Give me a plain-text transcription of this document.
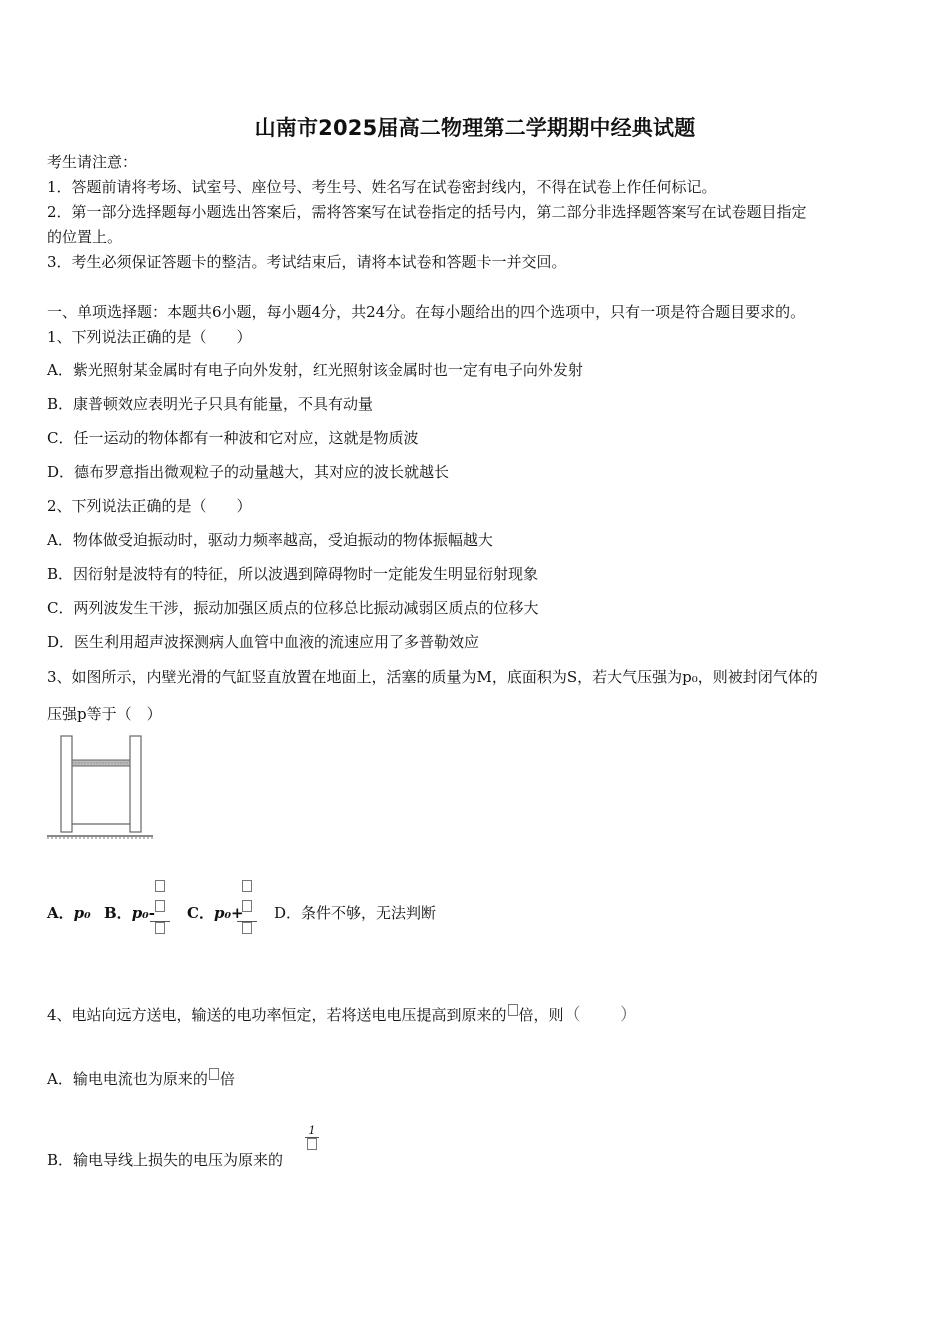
山南市2025届高二物理第二学期期中经典试题
考生请注意：
1．答题前请将考场、试室号、座位号、考生号、姓名写在试卷密封线内，不得在试卷上作任何标记。
2．第一部分选择题每小题选出答案后，需将答案写在试卷指定的括号内，第二部分非选择题答案写在试卷题目指定
的位置上。
3．考生必须保证答题卡的整洁。考试结束后，请将本试卷和答题卡一并交回。
一、单项选择题：本题共6小题，每小题4分，共24分。在每小题给出的四个选项中，只有一项是符合题目要求的。
1、下列说法正确的是（　　）
A．紫光照射某金属时有电子向外发射，红光照射该金属时也一定有电子向外发射
B．康普顿效应表明光子只具有能量，不具有动量
C．任一运动的物体都有一种波和它对应，这就是物质波
D．德布罗意指出微观粒子的动量越大，其对应的波长就越长
2、下列说法正确的是（　　）
A．物体做受迫振动时，驱动力频率越高，受迫振动的物体振幅越大
B．因衍射是波特有的特征，所以波遇到障碍物时一定能发生明显衍射现象
C．两列波发生干涉，振动加强区质点的位移总比振动减弱区质点的位移大
D．医生利用超声波探测病人血管中血液的流速应用了多普勒效应
3、如图所示，内壁光滑的气缸竖直放置在地面上，活塞的质量为M，底面积为S，若大气压强为p₀，则被封闭气体的
压强p等于（　）
A．p₀ B．p₀- C．p₀+ D．条件不够，无法判断
4、电站向远方送电，输送的电功率恒定，若将送电电压提高到原来的 倍，则（　　 ）
A．输电电流也为原来的 倍
B．输电导线上损失的电压为原来的
1
